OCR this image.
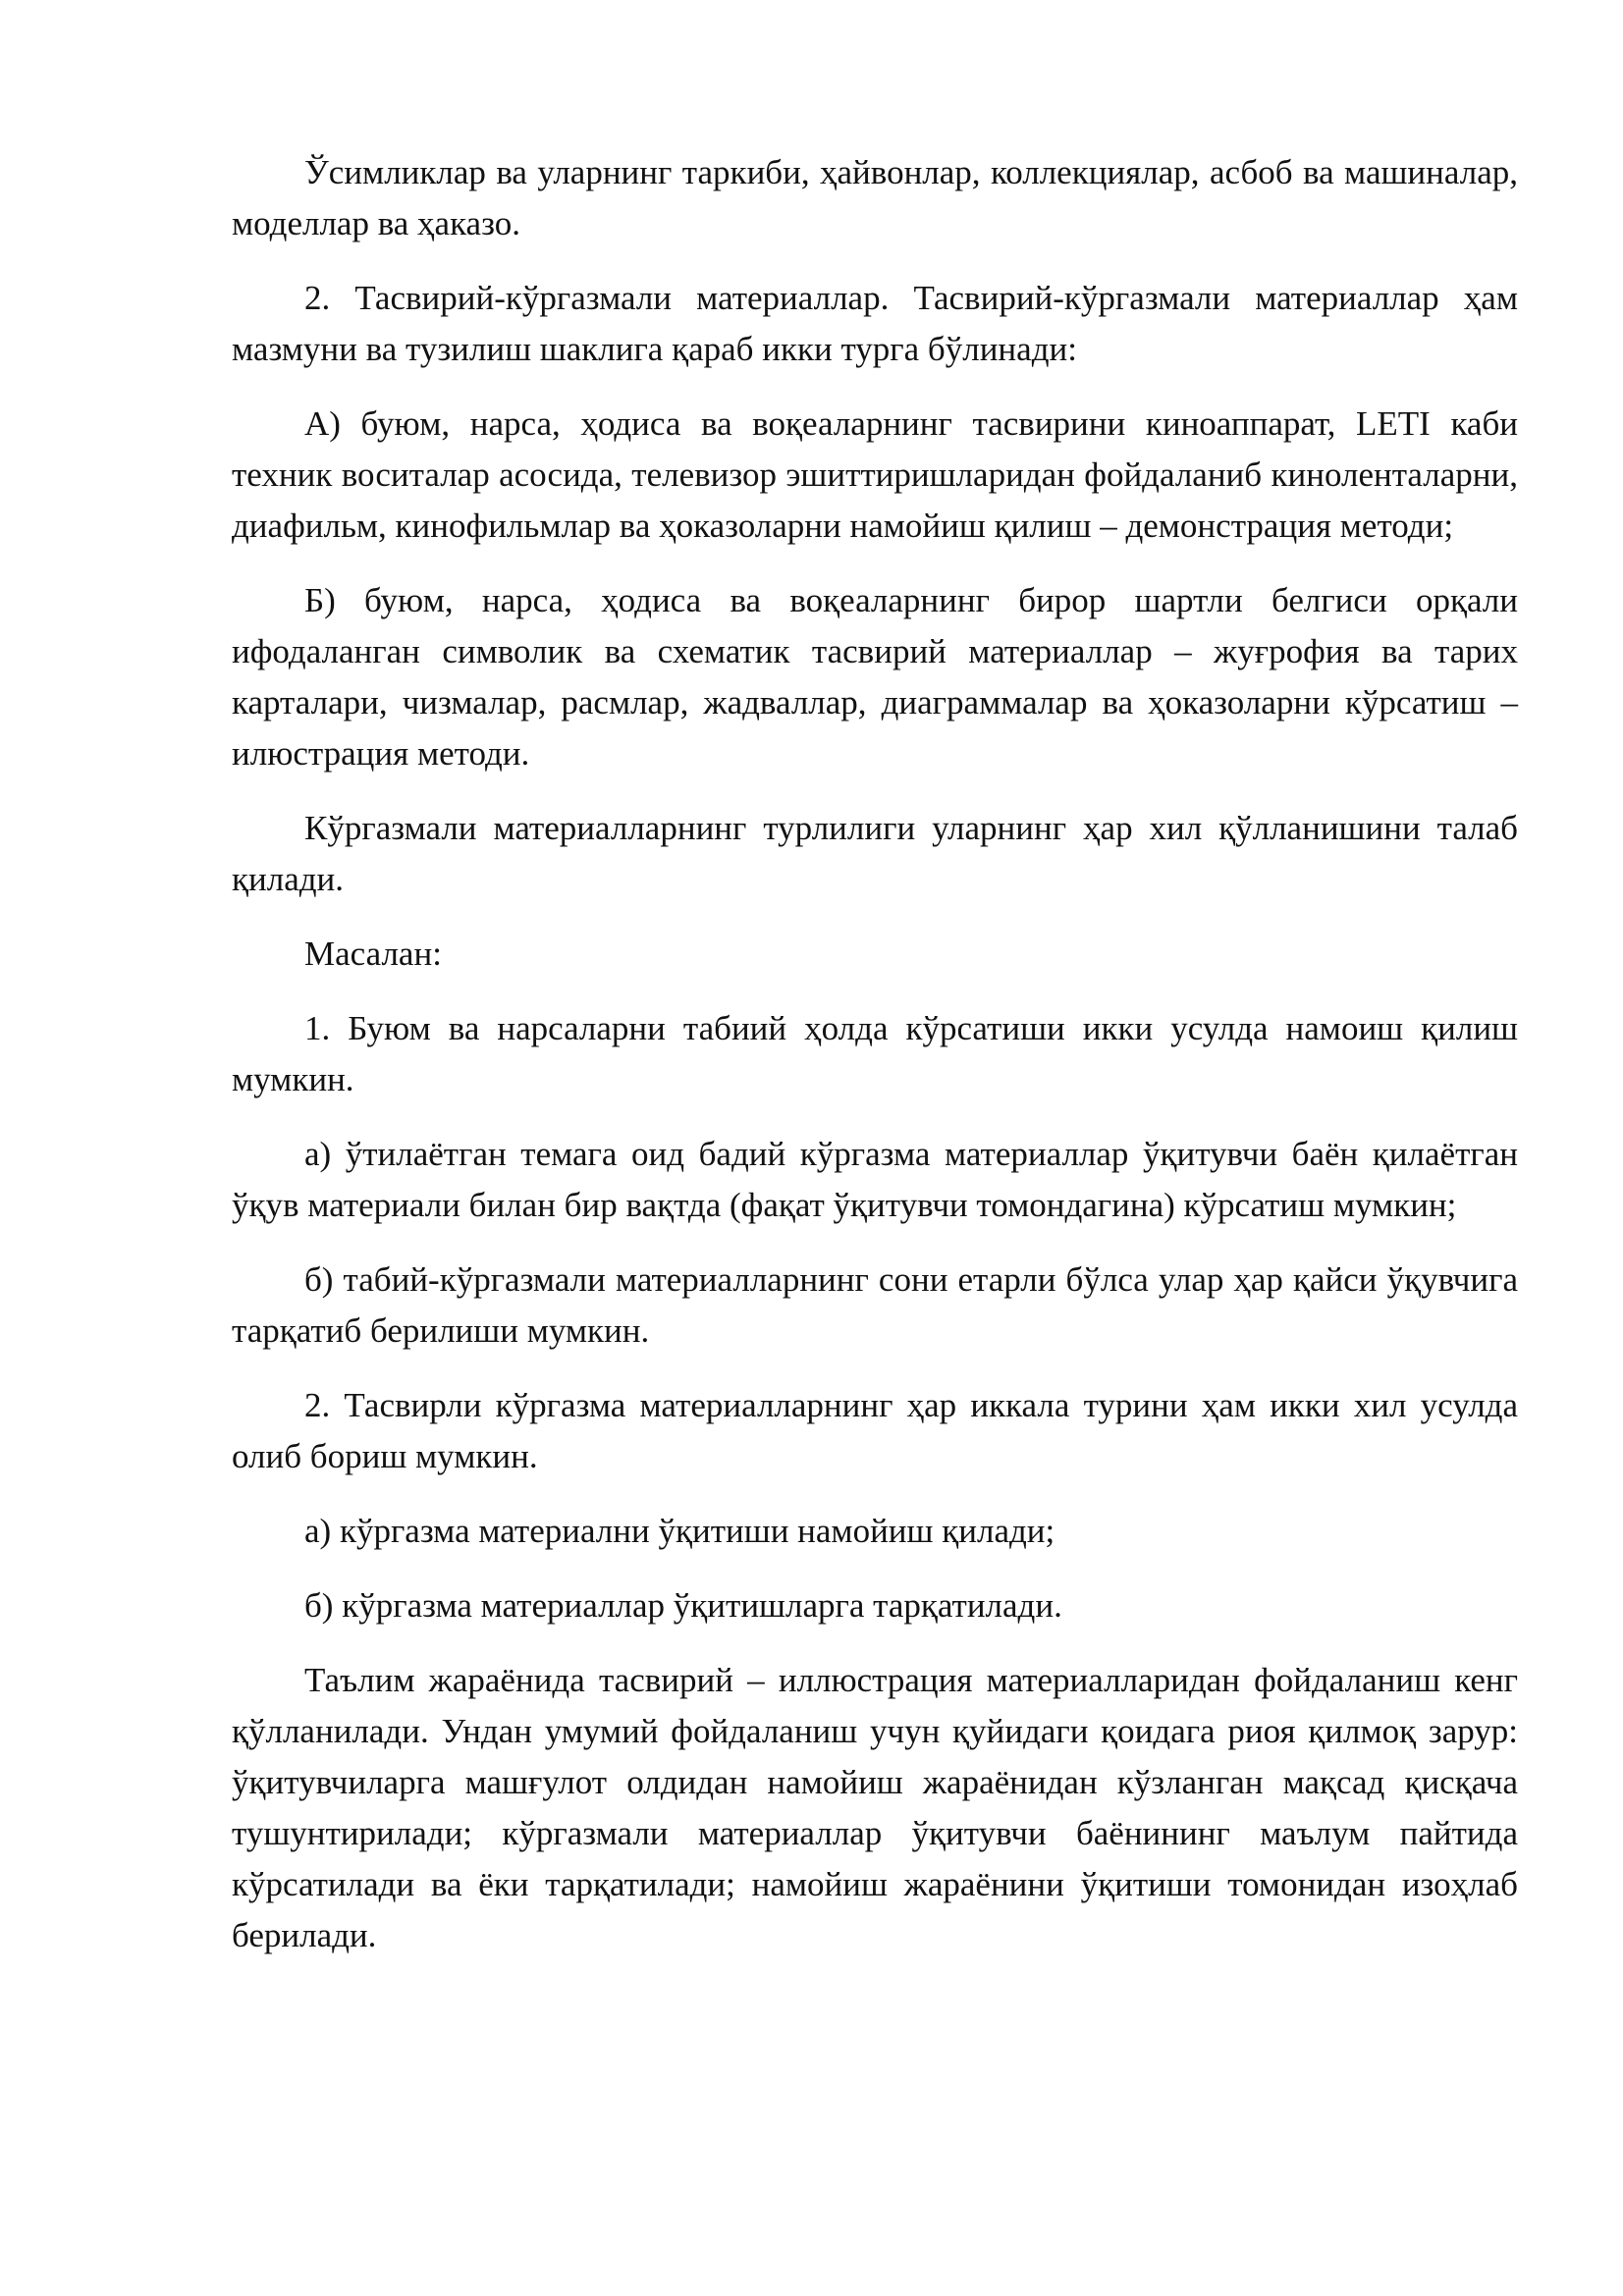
Ўсимликлар ва уларнинг таркиби, ҳайвонлар, коллекциялар, асбоб ва машиналар, моделлар ва ҳаказо.

2. Тасвирий-кўргазмали материаллар. Тасвирий-кўргазмали материаллар ҳам мазмуни ва тузилиш шаклига қараб икки турга бўлинади:

А) буюм, нарса, ҳодиса ва воқеаларнинг тасвирини киноаппарат, LETI каби техник воситалар асосида, телевизор эшиттиришларидан фойдаланиб киноленталарни, диафильм, кинофильмлар ва ҳоказоларни намойиш қилиш – демонстрация методи;

Б) буюм, нарса, ҳодиса ва воқеаларнинг бирор шартли белгиси орқали ифодаланган символик ва схематик тасвирий материаллар – жуғрофия ва тарих карталари, чизмалар, расмлар, жадваллар, диаграммалар ва ҳоказоларни кўрсатиш – илюстрация методи.

Кўргазмали материалларнинг турлилиги уларнинг ҳар хил қўлланишини талаб қилади.

Масалан:

1. Буюм ва нарсаларни табиий ҳолда кўрсатиши икки усулда намоиш қилиш мумкин.

а) ўтилаётган темага оид бадий кўргазма материаллар ўқитувчи баён қилаётган ўқув материали билан бир вақтда (фақат ўқитувчи томондагина) кўрсатиш мумкин;

б) табий-кўргазмали материалларнинг сони етарли бўлса улар ҳар қайси ўқувчига тарқатиб берилиши мумкин.

2. Тасвирли кўргазма материалларнинг ҳар иккала турини ҳам икки хил усулда олиб бориш мумкин.

а) кўргазма материални ўқитиши намойиш қилади;

б) кўргазма материаллар ўқитишларга тарқатилади.

Таълим жараёнида тасвирий – иллюстрация материалларидан фойдаланиш кенг қўлланилади. Ундан умумий фойдаланиш учун қуйидаги қоидага риоя қилмоқ зарур: ўқитувчиларга машғулот олдидан намойиш жараёнидан кўзланган мақсад қисқача тушунтирилади; кўргазмали материаллар ўқитувчи баёнининг маълум пайтида кўрсатилади ва ёки тарқатилади; намойиш жараёнини ўқитиши томонидан изоҳлаб берилади.
